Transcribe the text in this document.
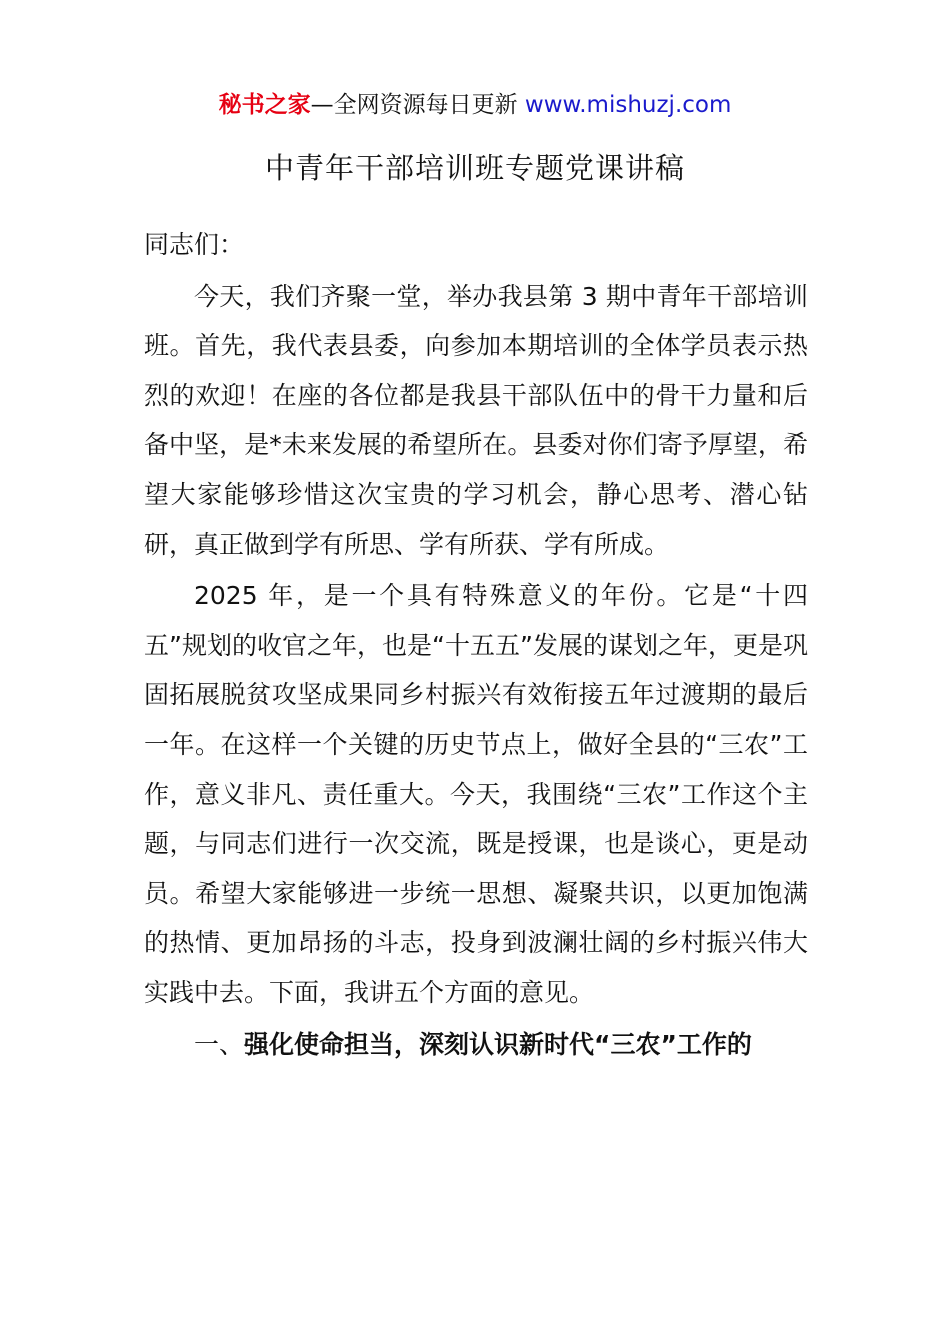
秘书之家—全网资源每日更新 www.mishuzj.com
中青年干部培训班专题党课讲稿

同志们：

今天，我们齐聚一堂，举办我县第 3 期中青年干部培训班。首先，我代表县委，向参加本期培训的全体学员表示热烈的欢迎！在座的各位都是我县干部队伍中的骨干力量和后备中坚，是*未来发展的希望所在。县委对你们寄予厚望，希望大家能够珍惜这次宝贵的学习机会，静心思考、潜心钻研，真正做到学有所思、学有所获、学有所成。

2025 年，是一个具有特殊意义的年份。它是“十四五”规划的收官之年，也是“十五五”发展的谋划之年，更是巩固拓展脱贫攻坚成果同乡村振兴有效衔接五年过渡期的最后一年。在这样一个关键的历史节点上，做好全县的“三农”工作，意义非凡、责任重大。今天，我围绕“三农”工作这个主题，与同志们进行一次交流，既是授课，也是谈心，更是动员。希望大家能够进一步统一思想、凝聚共识，以更加饱满的热情、更加昂扬的斗志，投身到波澜壮阔的乡村振兴伟大实践中去。下面，我讲五个方面的意见。

一、强化使命担当，深刻认识新时代“三农”工作的
